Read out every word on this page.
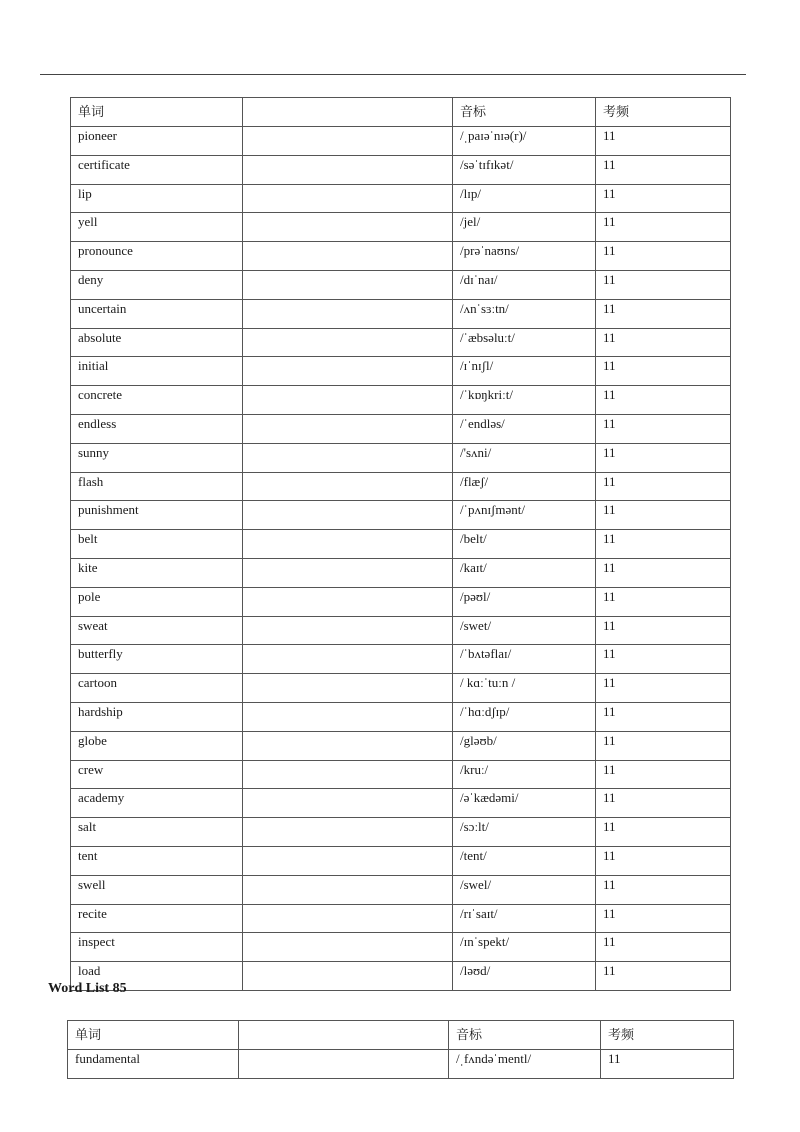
单词		音标	考频
pioneer		/ˌpaɪəˈnɪə(r)/	11
certificate		/səˈtɪfɪkət/	11
lip		/lɪp/	11
yell		/jel/	11
pronounce		/prəˈnaʊns/	11
deny		/dɪˈnaɪ/	11
uncertain		/ʌnˈsɜːtn/	11
absolute		/ˈæbsəluːt/	11
initial		/ɪˈnɪʃl/	11
concrete		/ˈkɒŋkriːt/	11
endless		/ˈendləs/	11
sunny		/'sʌni/	11
flash		/flæʃ/	11
punishment		/ˈpʌnɪʃmənt/	11
belt		/belt/	11
kite		/kaɪt/	11
pole		/pəʊl/	11
sweat		/swet/	11
butterfly		/ˈbʌtəflaɪ/	11
cartoon		/ kɑːˈtuːn /	11
hardship		/ˈhɑːdʃɪp/	11
globe		/gləʊb/	11
crew		/kruː/	11
academy		/əˈkædəmi/	11
salt		/sɔːlt/	11
tent		/tent/	11
swell		/swel/	11
recite		/rɪˈsaɪt/	11
inspect		/ɪnˈspekt/	11
load		/ləʊd/	11
Word List 85
单词		音标	考频
fundamental		/ˌfʌndəˈmentl/	11
